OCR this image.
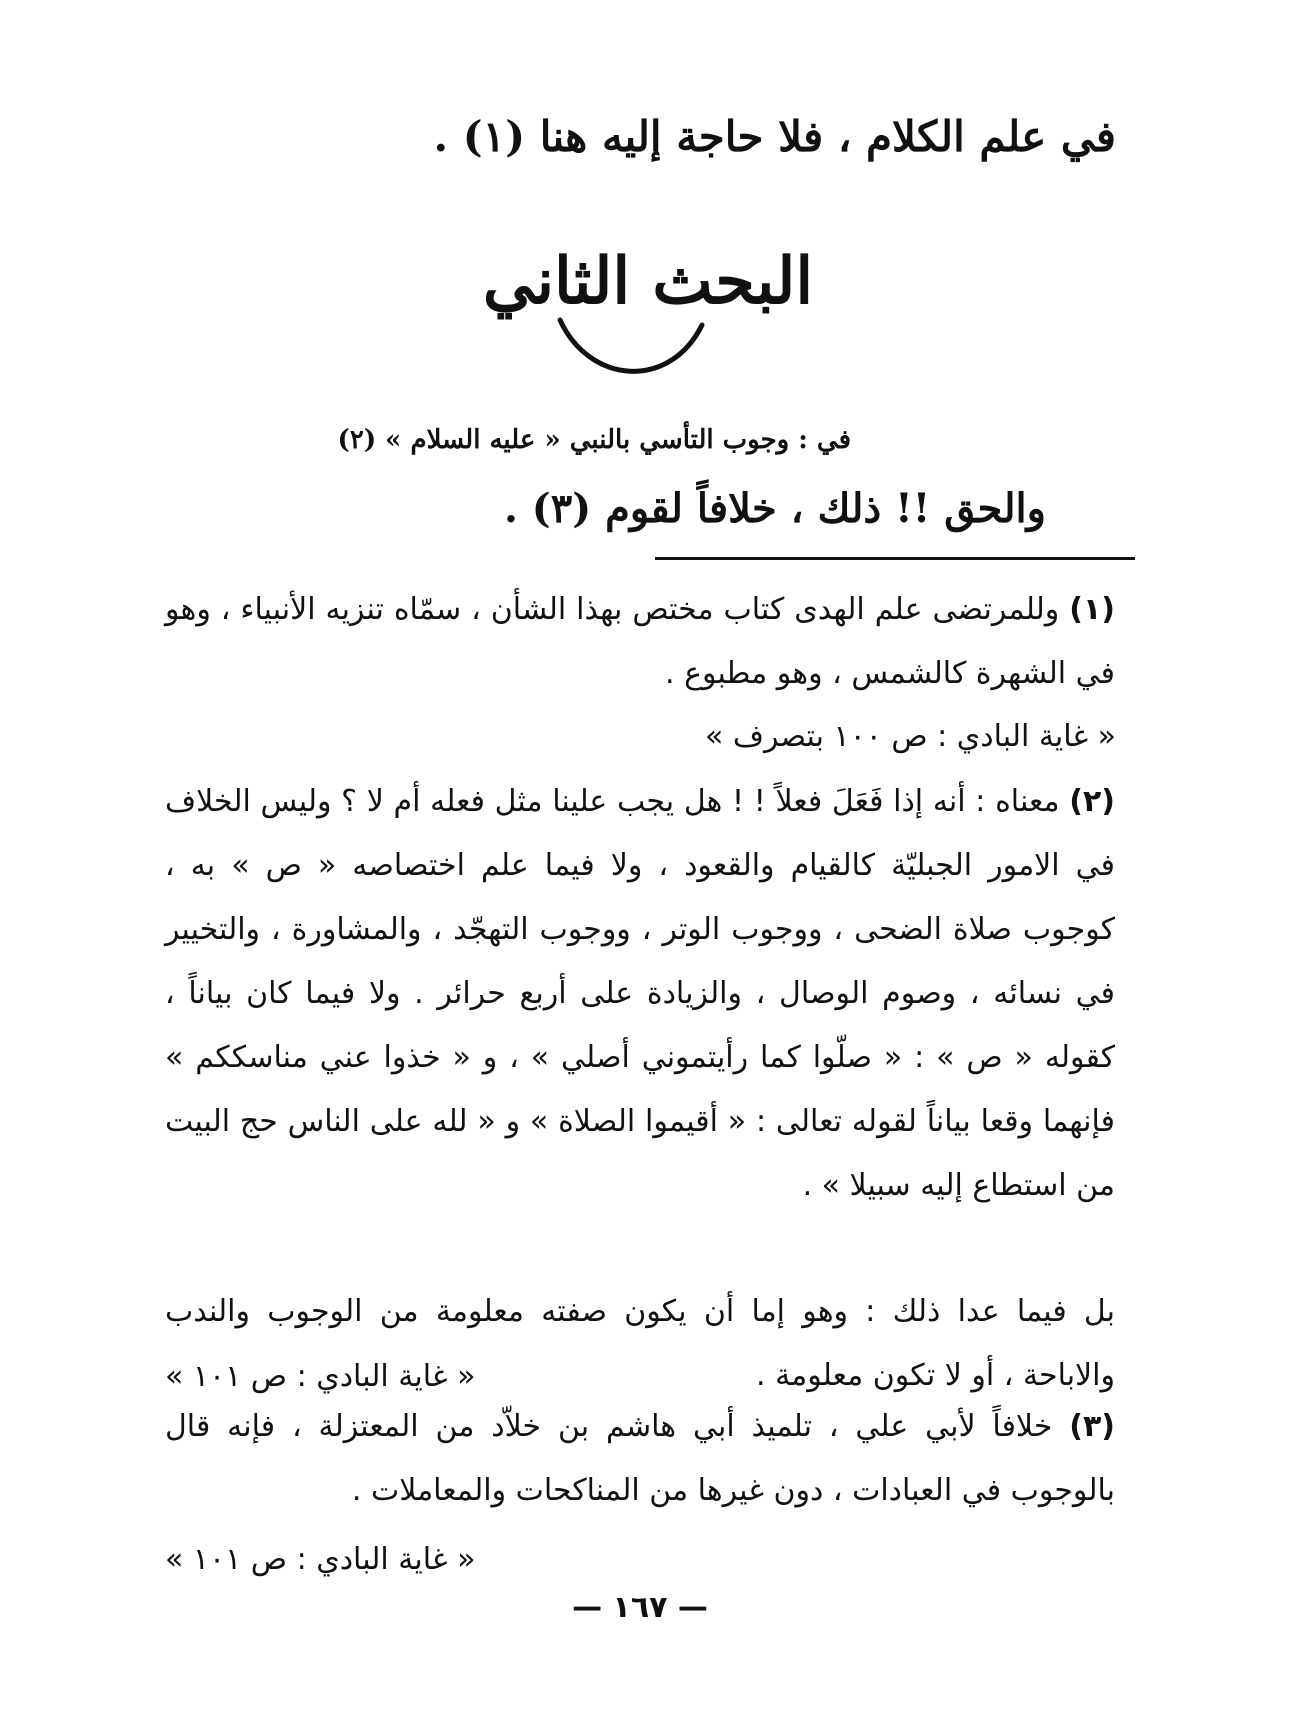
في علم الكلام ، فلا حاجة إليه هنا (١) .
البحث الثاني
في : وجوب التأسي بالنبي « عليه السلام » (٢)
والحق !! ذلك ، خلافاً لقوم (٣) .
(١) وللمرتضى علم الهدى كتاب مختص بهذا الشأن ، سمّاه تنزيه الأنبياء ، وهو في الشهرة كالشمس ، وهو مطبوع .
« غاية البادي : ص ١٠٠ بتصرف »
(٢) معناه : أنه إذا فَعَلَ فعلاً ! ! هل يجب علينا مثل فعله أم لا ؟ وليس الخلاف في الامور الجبليّة كالقيام والقعود ، ولا فيما علم اختصاصه « ص » به ، كوجوب صلاة الضحى ، ووجوب الوتر ، ووجوب التهجّد ، والمشاورة ، والتخيير في نسائه ، وصوم الوصال ، والزيادة على أربع حرائر . ولا فيما كان بياناً ، كقوله « ص » : « صلّوا كما رأيتموني أصلي » ، و « خذوا عني مناسككم » فإنهما وقعا بياناً لقوله تعالى : « أقيموا الصلاة » و « لله على الناس حج البيت من استطاع إليه سبيلا » .
بل فيما عدا ذلك : وهو إما أن يكون صفته معلومة من الوجوب والندب والاباحة ، أو لا تكون معلومة .
« غاية البادي : ص ١٠١ »
(٣) خلافاً لأبي علي ، تلميذ أبي هاشم بن خلاّد من المعتزلة ، فإنه قال بالوجوب في العبادات ، دون غيرها من المناكحات والمعاملات .
« غاية البادي : ص ١٠١ »
— ١٦٧ —
